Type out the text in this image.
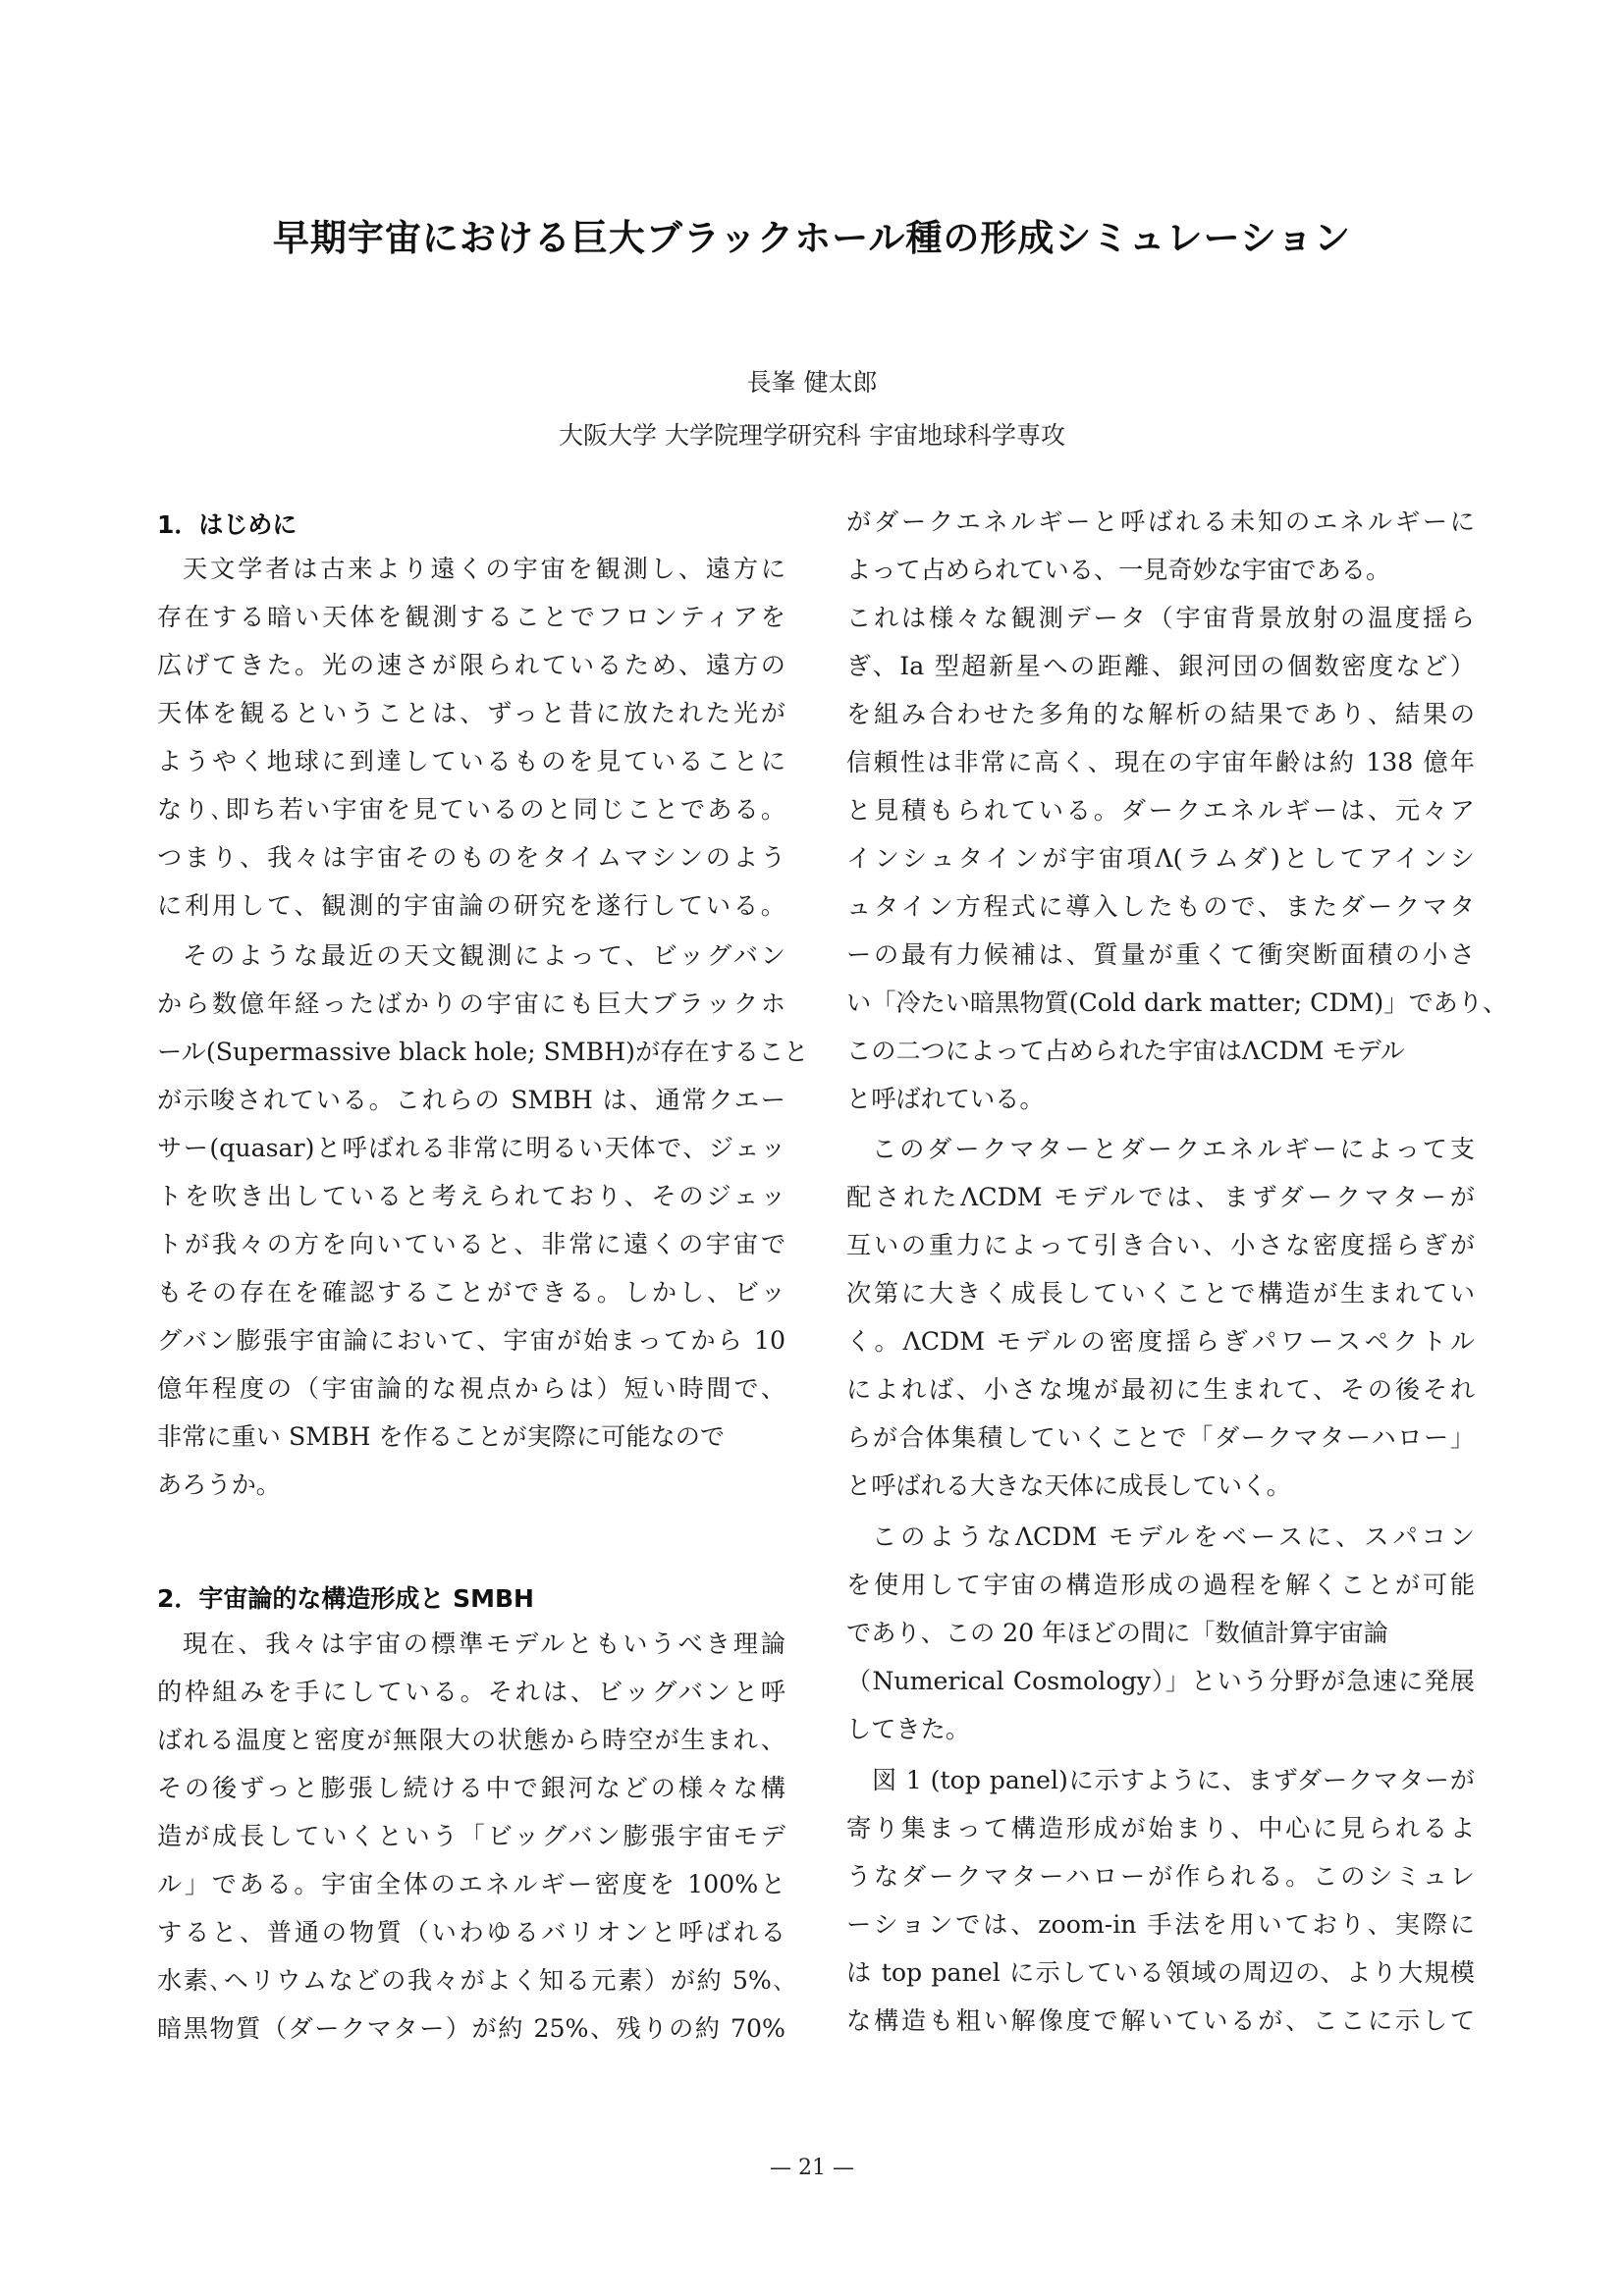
早期宇宙における巨大ブラックホール種の形成シミュレーション
長峯 健太郎
大阪大学 大学院理学研究科 宇宙地球科学専攻
1．はじめに
天文学者は古来より遠くの宇宙を観測し、遠方に
存在する暗い天体を観測することでフロンティアを
広げてきた。光の速さが限られているため、遠方の
天体を観るということは、ずっと昔に放たれた光が
ようやく地球に到達しているものを見ていることに
なり､即ち若い宇宙を見ているのと同じことである。
つまり、我々は宇宙そのものをタイムマシンのよう
に利用して、観測的宇宙論の研究を遂行している。
そのような最近の天文観測によって、ビッグバン
から数億年経ったばかりの宇宙にも巨大ブラックホ
ール(Supermassive black hole; SMBH)が存在すること
が示唆されている。これらの SMBH は、通常クエー
サー(quasar)と呼ばれる非常に明るい天体で、ジェッ
トを吹き出していると考えられており、そのジェッ
トが我々の方を向いていると、非常に遠くの宇宙で
もその存在を確認することができる。しかし、ビッ
グバン膨張宇宙論において、宇宙が始まってから 10
億年程度の（宇宙論的な視点からは）短い時間で、
非常に重い SMBH を作ることが実際に可能なので
あろうか。
2．宇宙論的な構造形成と SMBH
現在、我々は宇宙の標準モデルともいうべき理論
的枠組みを手にしている。それは、ビッグバンと呼
ばれる温度と密度が無限大の状態から時空が生まれ、
その後ずっと膨張し続ける中で銀河などの様々な構
造が成長していくという「ビッグバン膨張宇宙モデ
ル」である。宇宙全体のエネルギー密度を 100%と
すると、普通の物質（いわゆるバリオンと呼ばれる
水素､ヘリウムなどの我々がよく知る元素）が約 5%､
暗黒物質（ダークマター）が約 25%、残りの約 70%
がダークエネルギーと呼ばれる未知のエネルギーに
よって占められている、一見奇妙な宇宙である。
これは様々な観測データ（宇宙背景放射の温度揺ら
ぎ、Ia 型超新星への距離、銀河団の個数密度など）
を組み合わせた多角的な解析の結果であり、結果の
信頼性は非常に高く、現在の宇宙年齢は約 138 億年
と見積もられている。ダークエネルギーは、元々ア
インシュタインが宇宙項Λ(ラムダ)としてアインシ
ュタイン方程式に導入したもので、またダークマタ
ーの最有力候補は、質量が重くて衝突断面積の小さ
い「冷たい暗黒物質(Cold dark matter; CDM)」であり、
この二つによって占められた宇宙はΛCDM モデル
と呼ばれている。
このダークマターとダークエネルギーによって支
配されたΛCDM モデルでは、まずダークマターが
互いの重力によって引き合い、小さな密度揺らぎが
次第に大きく成長していくことで構造が生まれてい
く。ΛCDM モデルの密度揺らぎパワースペクトル
によれば、小さな塊が最初に生まれて、その後それ
らが合体集積していくことで「ダークマターハロー」
と呼ばれる大きな天体に成長していく。
このようなΛCDM モデルをベースに、スパコン
を使用して宇宙の構造形成の過程を解くことが可能
であり、この 20 年ほどの間に「数値計算宇宙論
（Numerical Cosmology）」という分野が急速に発展
してきた。
図 1 (top panel)に示すように、まずダークマターが
寄り集まって構造形成が始まり、中心に見られるよ
うなダークマターハローが作られる。このシミュレ
ーションでは、zoom-in 手法を用いており、実際に
は top panel に示している領域の周辺の、より大規模
な構造も粗い解像度で解いているが、ここに示して
— 21 —
